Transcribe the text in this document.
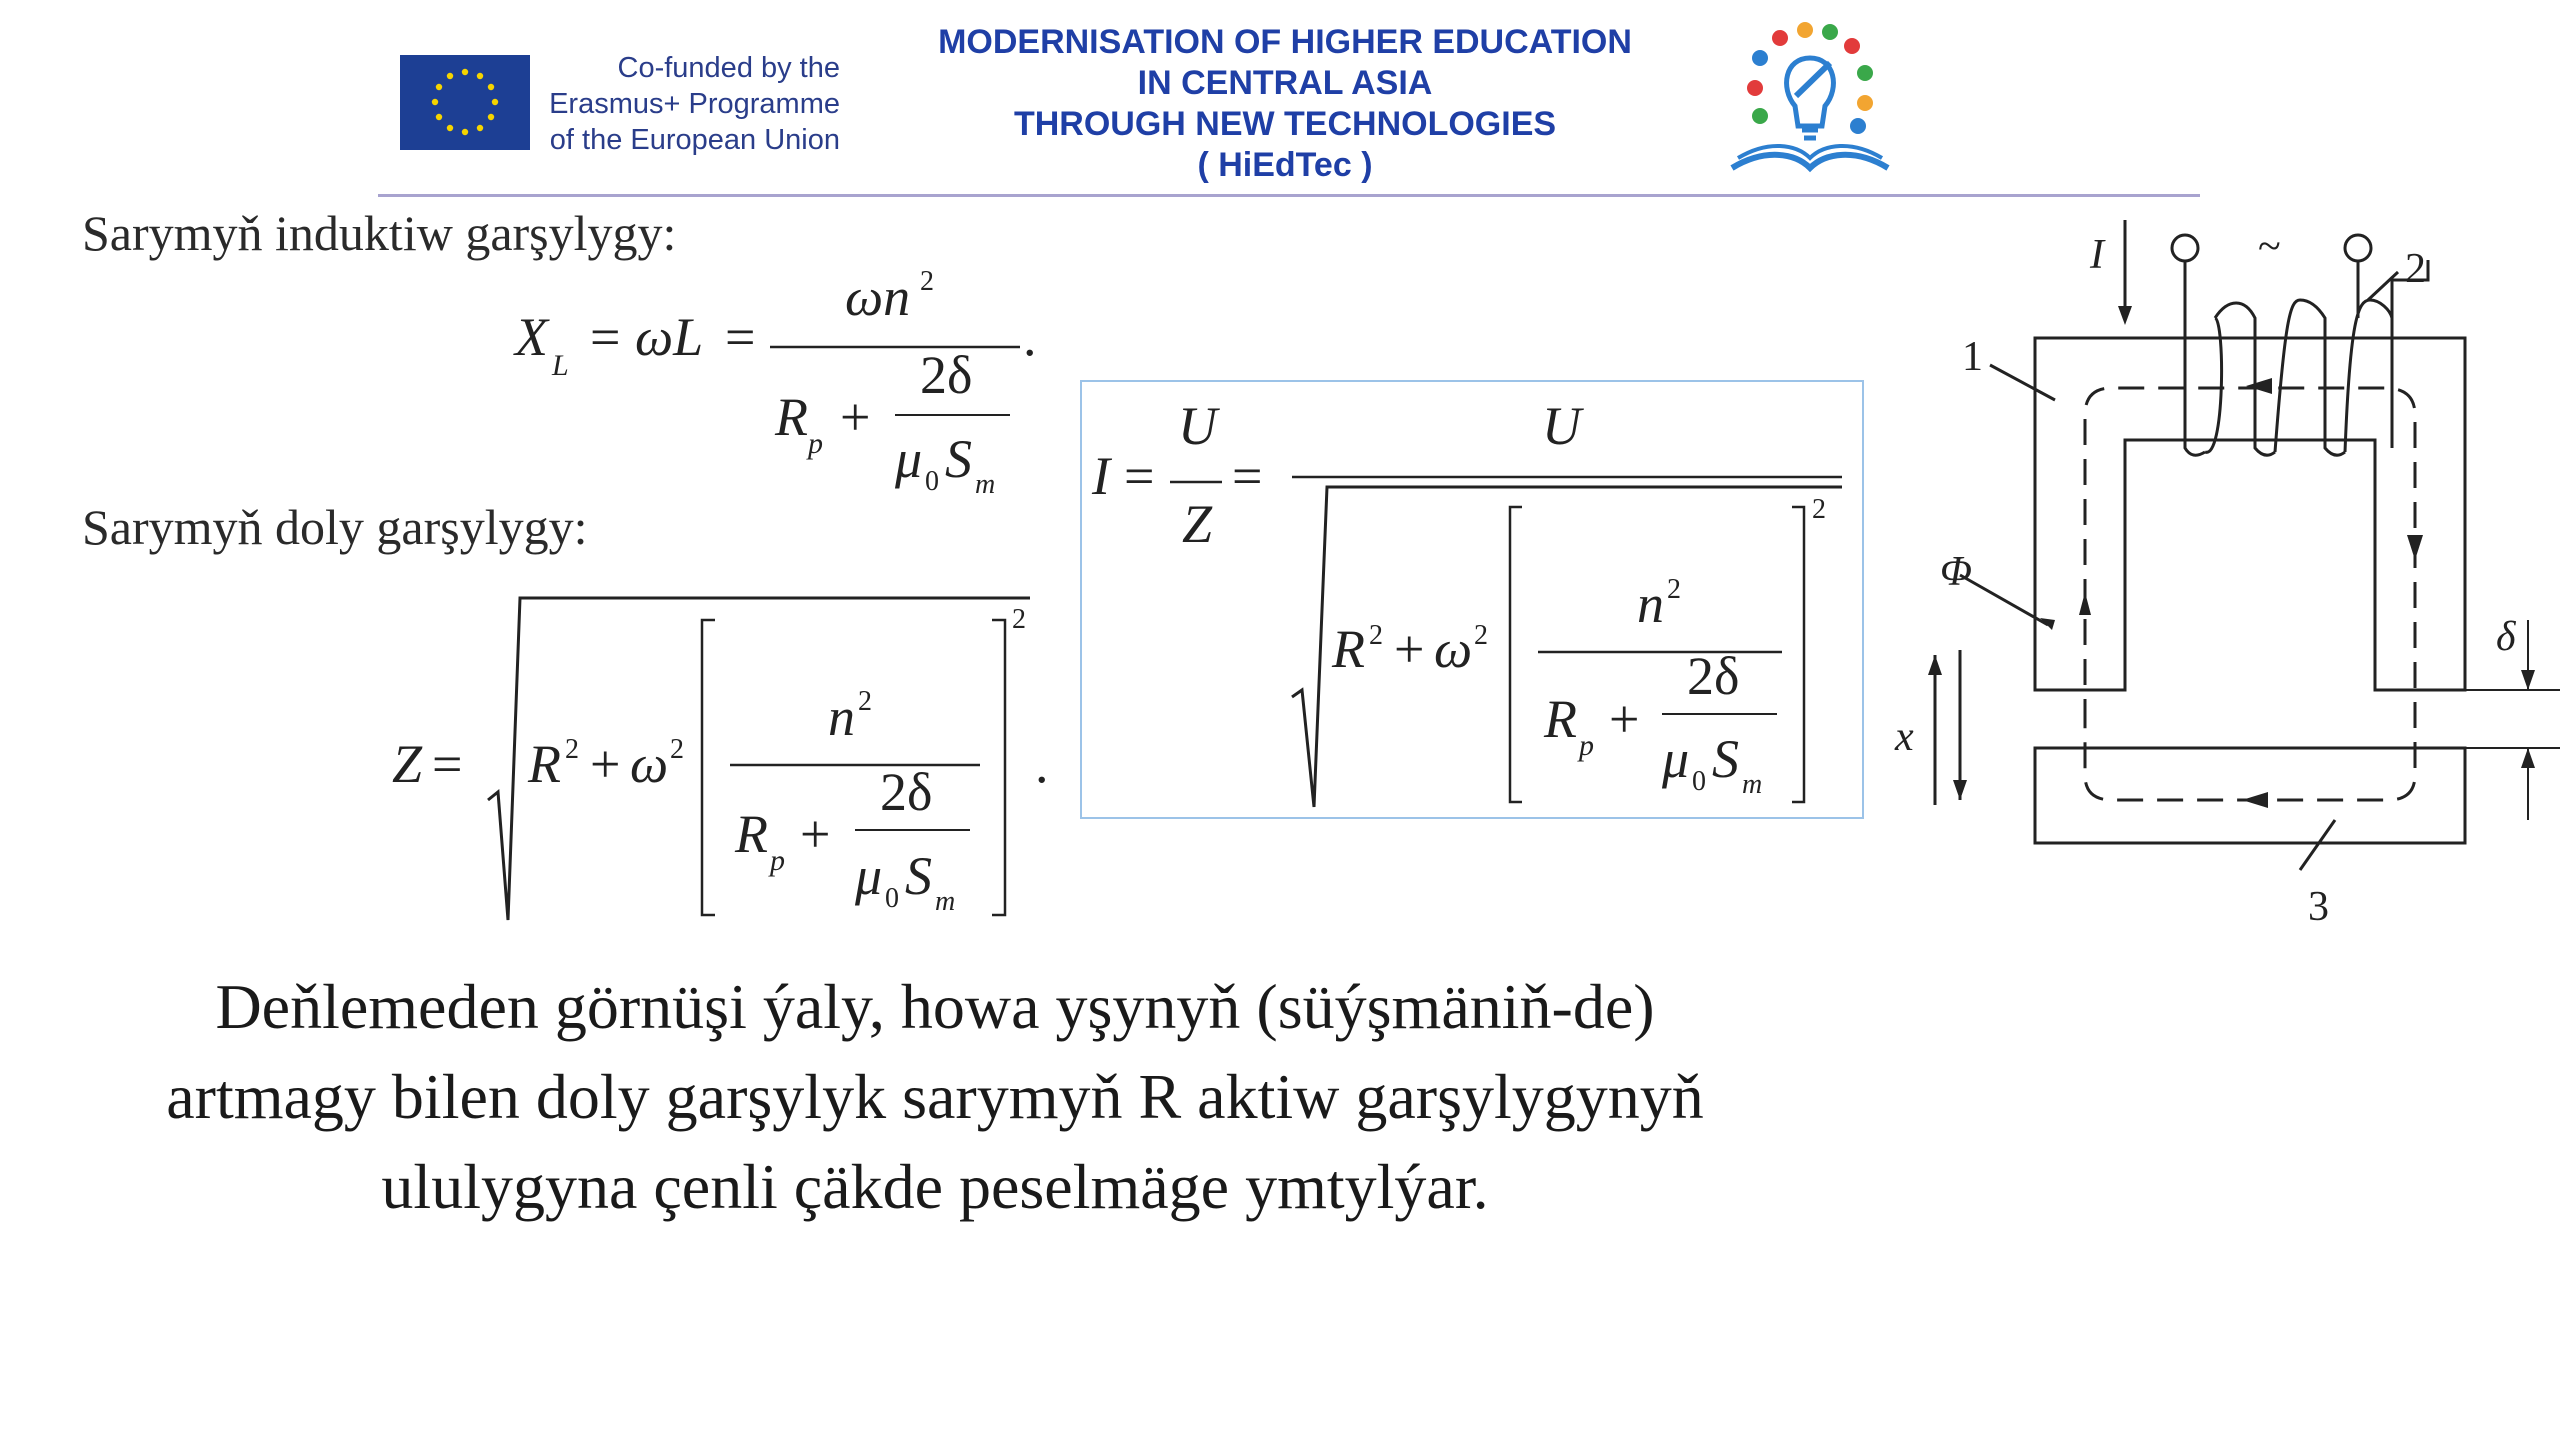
Co-funded by the
Erasmus+ Programme
of the European Union
MODERNISATION OF HIGHER EDUCATION
IN CENTRAL ASIA
THROUGH NEW TECHNOLOGIES
( HiEdTec )
Sarymyň induktiw garşylygy:
Sarymyň doly garşylygy:
X L = ωL =
ωn 2
.
R p +
2δ
μ 0 S m
Z = R 2 + ω 2
2
n 2
.
R p +
2δ
μ 0 S m
I =
U
Z
=
U
R 2 + ω 2
2
n 2
R p +
2δ
μ 0 S m
I	~
1
2
3
Φ
δ
x
Deňlemeden görnüşi ýaly, howa yşynyň (süýşmäniň-de)
artmagy bilen doly garşylyk sarymyň R aktiw garşylygynyň
ululygyna çenli çäkde peselmäge ymtylýar.
